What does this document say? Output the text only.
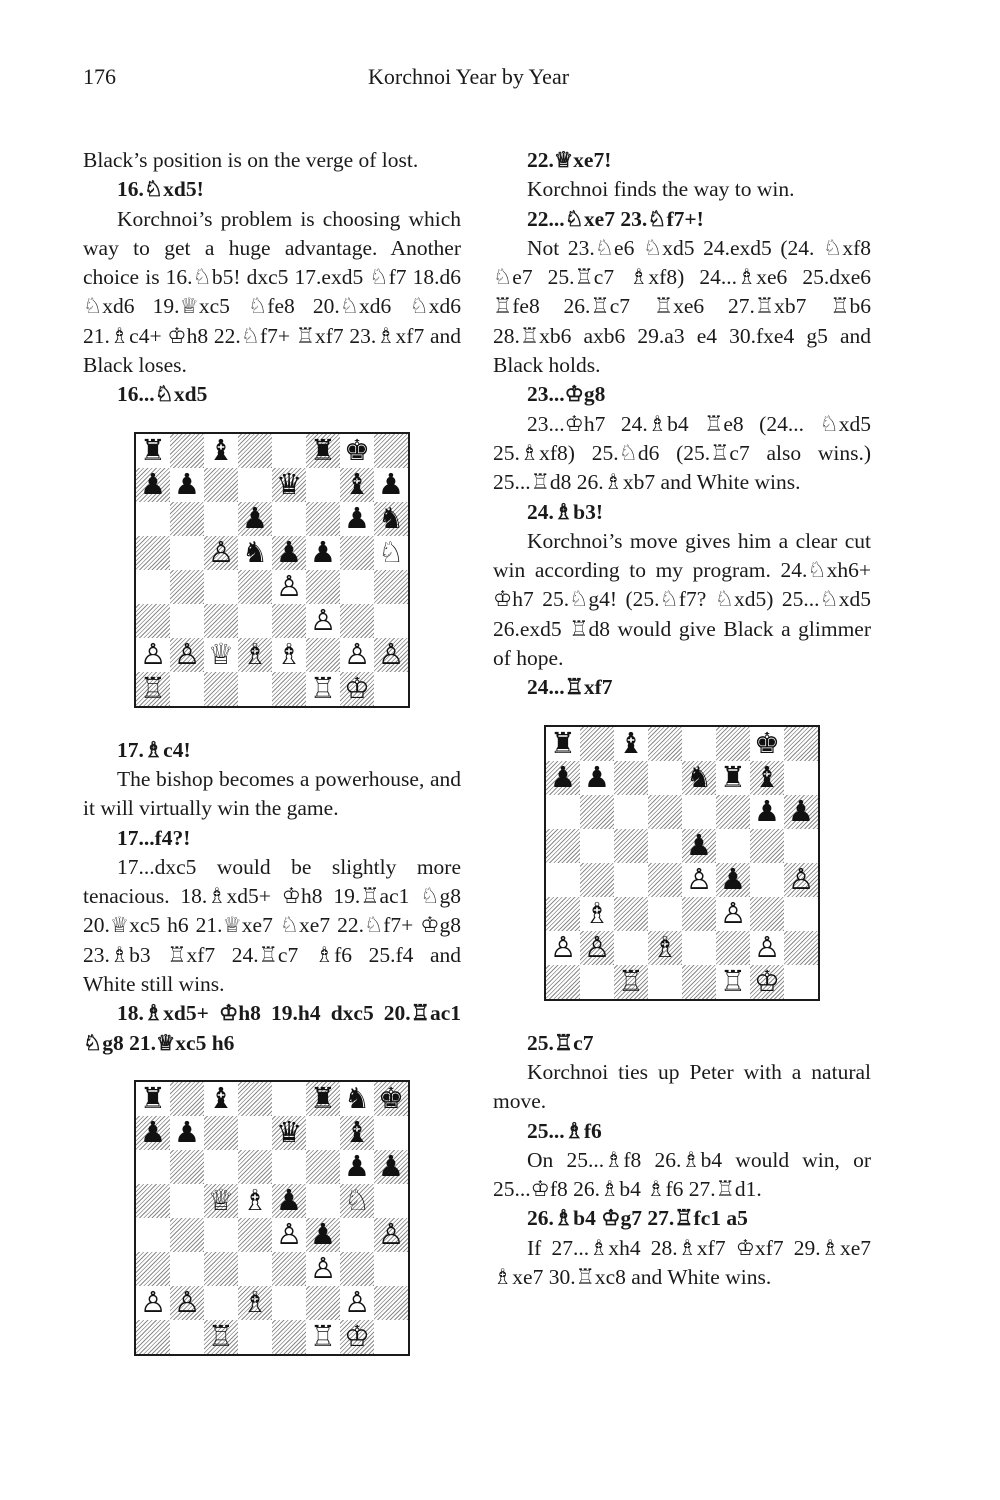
176	Korchnoi Year by Year

Black’s position is on the verge of lost.

16.♘xd5!

Korchnoi’s problem is choosing which way to get a huge advantage. Another choice is 16.♘b5! dxc5 17.exd5 ♘f7 18.d6 ♘xd6 19.♕xc5 ♘fe8 20.♘xd6 ♘xd6 21.♗c4+ ♔h8 22.♘f7+ ♖xf7 23.♗xf7 and Black loses.

16...♘xd5

♜ ♝	♜ ♚
♟ ♟	♛ ♝ ♟
♟	♟ ♞
♙ ♞ ♟ ♟ ♘
♙
♙
♙ ♙ ♕ ♗ ♗ ♙ ♙
♖	♖ ♔

17.♗c4!

The bishop becomes a powerhouse, and it will virtually win the game.

17...f4?!

17...dxc5 would be slightly more tenacious. 18.♗xd5+ ♔h8 19.♖ac1 ♘g8 20.♕xc5 h6 21.♕xe7 ♘xe7 22.♘f7+ ♔g8 23.♗b3 ♖xf7 24.♖c7 ♗f6 25.f4 and White still wins.

18.♗xd5+ ♔h8 19.h4 dxc5 20.♖ac1 ♘g8 21.♕xc5 h6

♜ ♝	♜ ♞ ♚
♟ ♟	♛ ♝
♟ ♟
♕ ♗ ♟ ♘
♙ ♟ ♙
♙
♙ ♙ ♗	♙
♖	♖ ♔

22.♕xe7!

Korchnoi finds the way to win.

22...♘xe7 23.♘f7+!

Not 23.♘e6 ♘xd5 24.exd5 (24. ♘xf8 ♘e7 25.♖c7 ♗xf8) 24...♗xe6 25.dxe6 ♖fe8 26.♖c7 ♖xe6 27.♖xb7 ♖b6 28.♖xb6 axb6 29.a3 e4 30.fxe4 g5 and Black holds.

23...♔g8

23...♔h7 24.♗b4 ♖e8 (24... ♘xd5 25.♗xf8) 25.♘d6 (25.♖c7 also wins.) 25...♖d8 26.♗xb7 and White wins.

24.♗b3!

Korchnoi’s move gives him a clear cut win according to my program. 24.♘xh6+ ♔h7 25.♘g4! (25.♘f7? ♘xd5) 25...♘xd5 26.exd5 ♖d8 would give Black a glimmer of hope.

24...♖xf7

♜ ♝	♚
♟ ♟	♞ ♜ ♝
♟ ♟
♟
♙ ♟ ♙
♗	♙
♙ ♙ ♗	♙
♖	♖ ♔

25.♖c7

Korchnoi ties up Peter with a natural move.

25...♗f6

On 25...♗f8 26.♗b4 would win, or 25...♔f8 26.♗b4 ♗f6 27.♖d1.

26.♗b4 ♔g7 27.♖fc1 a5

If 27...♗xh4 28.♗xf7 ♔xf7 29.♗xe7 ♗xe7 30.♖xc8 and White wins.
